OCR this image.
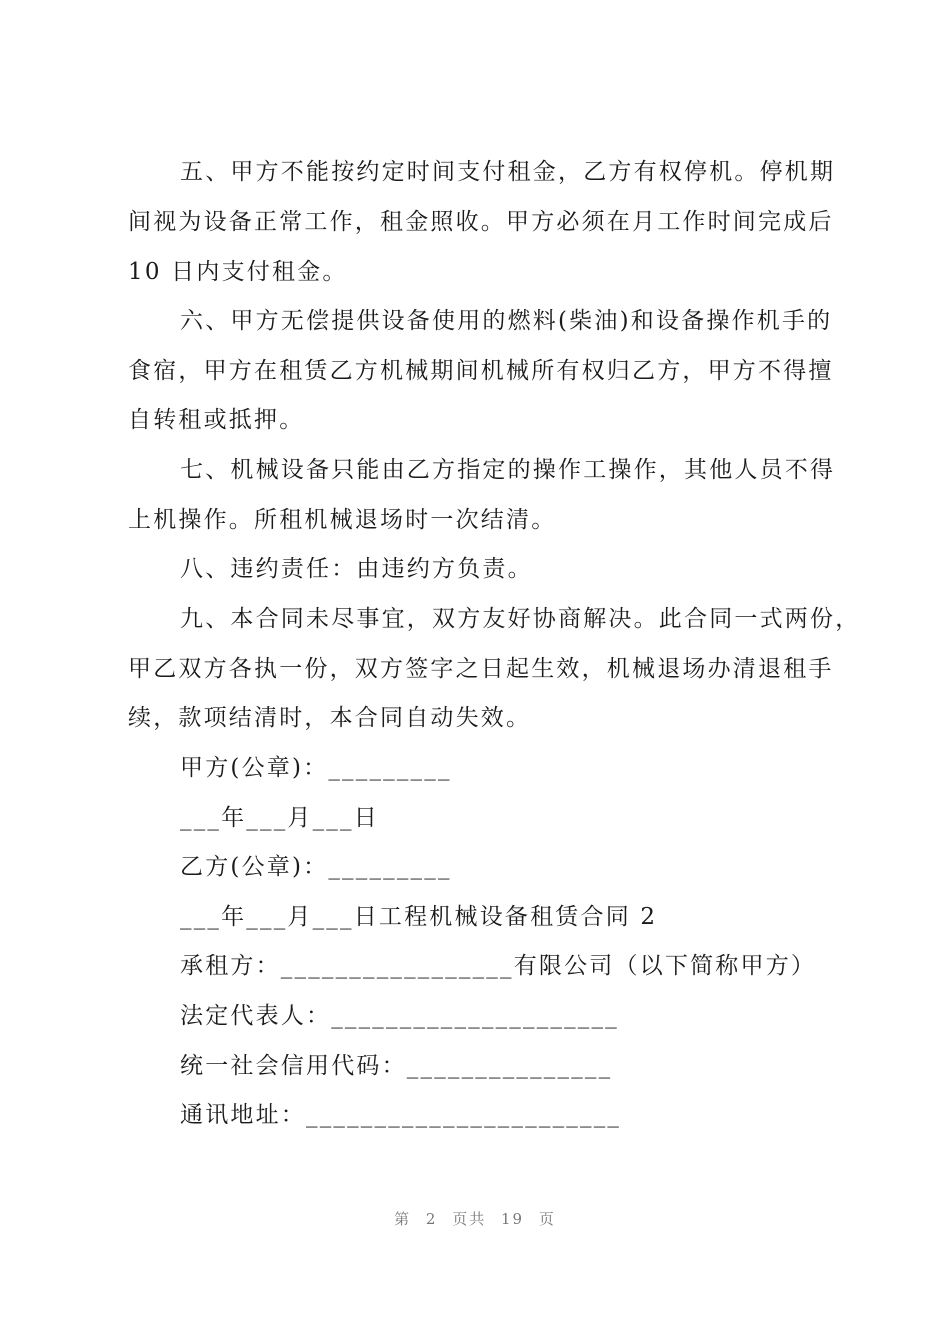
五、甲方不能按约定时间支付租金，乙方有权停机。停机期
间视为设备正常工作，租金照收。甲方必须在月工作时间完成后
10 日内支付租金。
六、甲方无偿提供设备使用的燃料(柴油)和设备操作机手的
食宿，甲方在租赁乙方机械期间机械所有权归乙方，甲方不得擅
自转租或抵押。
七、机械设备只能由乙方指定的操作工操作，其他人员不得
上机操作。所租机械退场时一次结清。
八、违约责任：由违约方负责。
九、本合同未尽事宜，双方友好协商解决。此合同一式两份，
甲乙双方各执一份，双方签字之日起生效，机械退场办清退租手
续，款项结清时，本合同自动失效。
甲方(公章)：_________
___年___月___日
乙方(公章)：_________
___年___月___日工程机械设备租赁合同 2
承租方：_________________有限公司（以下简称甲方）
法定代表人：_____________________
统一社会信用代码：_______________
通讯地址：_______________________
第 2 页共 19 页
